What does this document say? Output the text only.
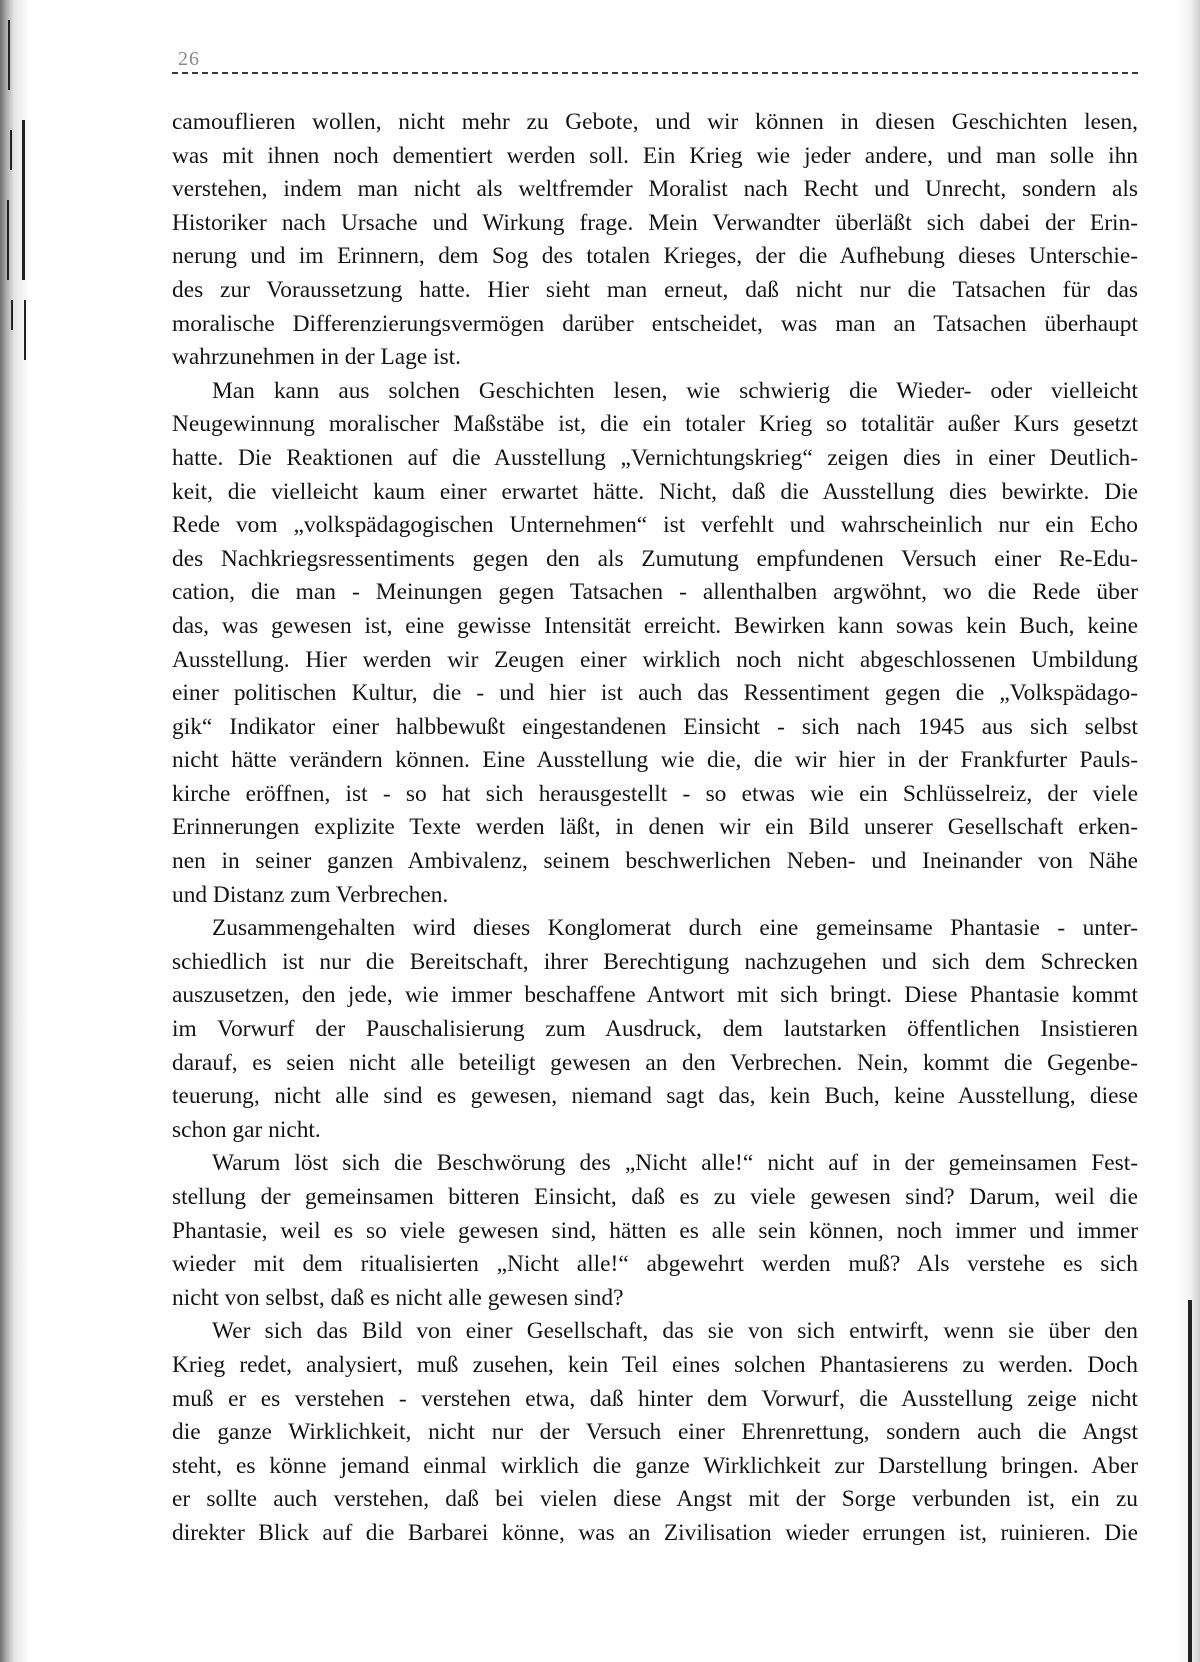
26
camouflieren wollen, nicht mehr zu Gebote, und wir können in diesen Geschichten lesen,
was mit ihnen noch dementiert werden soll. Ein Krieg wie jeder andere, und man solle ihn
verstehen, indem man nicht als weltfremder Moralist nach Recht und Unrecht, sondern als
Historiker nach Ursache und Wirkung frage. Mein Verwandter überläßt sich dabei der Erin-
nerung und im Erinnern, dem Sog des totalen Krieges, der die Aufhebung dieses Unterschie-
des zur Voraussetzung hatte. Hier sieht man erneut, daß nicht nur die Tatsachen für das
moralische Differenzierungsvermögen darüber entscheidet, was man an Tatsachen überhaupt
wahrzunehmen in der Lage ist.
Man kann aus solchen Geschichten lesen, wie schwierig die Wieder- oder vielleicht
Neugewinnung moralischer Maßstäbe ist, die ein totaler Krieg so totalitär außer Kurs gesetzt
hatte. Die Reaktionen auf die Ausstellung „Vernichtungskrieg“ zeigen dies in einer Deutlich-
keit, die vielleicht kaum einer erwartet hätte. Nicht, daß die Ausstellung dies bewirkte. Die
Rede vom „volkspädagogischen Unternehmen“ ist verfehlt und wahrscheinlich nur ein Echo
des Nachkriegsressentiments gegen den als Zumutung empfundenen Versuch einer Re-Edu-
cation, die man - Meinungen gegen Tatsachen - allenthalben argwöhnt, wo die Rede über
das, was gewesen ist, eine gewisse Intensität erreicht. Bewirken kann sowas kein Buch, keine
Ausstellung. Hier werden wir Zeugen einer wirklich noch nicht abgeschlossenen Umbildung
einer politischen Kultur, die - und hier ist auch das Ressentiment gegen die „Volkspädago-
gik“ Indikator einer halbbewußt eingestandenen Einsicht - sich nach 1945 aus sich selbst
nicht hätte verändern können. Eine Ausstellung wie die, die wir hier in der Frankfurter Pauls-
kirche eröffnen, ist - so hat sich herausgestellt - so etwas wie ein Schlüsselreiz, der viele
Erinnerungen explizite Texte werden läßt, in denen wir ein Bild unserer Gesellschaft erken-
nen in seiner ganzen Ambivalenz, seinem beschwerlichen Neben- und Ineinander von Nähe
und Distanz zum Verbrechen.
Zusammengehalten wird dieses Konglomerat durch eine gemeinsame Phantasie - unter-
schiedlich ist nur die Bereitschaft, ihrer Berechtigung nachzugehen und sich dem Schrecken
auszusetzen, den jede, wie immer beschaffene Antwort mit sich bringt. Diese Phantasie kommt
im Vorwurf der Pauschalisierung zum Ausdruck, dem lautstarken öffentlichen Insistieren
darauf, es seien nicht alle beteiligt gewesen an den Verbrechen. Nein, kommt die Gegenbe-
teuerung, nicht alle sind es gewesen, niemand sagt das, kein Buch, keine Ausstellung, diese
schon gar nicht.
Warum löst sich die Beschwörung des „Nicht alle!“ nicht auf in der gemeinsamen Fest-
stellung der gemeinsamen bitteren Einsicht, daß es zu viele gewesen sind? Darum, weil die
Phantasie, weil es so viele gewesen sind, hätten es alle sein können, noch immer und immer
wieder mit dem ritualisierten „Nicht alle!“ abgewehrt werden muß? Als verstehe es sich
nicht von selbst, daß es nicht alle gewesen sind?
Wer sich das Bild von einer Gesellschaft, das sie von sich entwirft, wenn sie über den
Krieg redet, analysiert, muß zusehen, kein Teil eines solchen Phantasierens zu werden. Doch
muß er es verstehen - verstehen etwa, daß hinter dem Vorwurf, die Ausstellung zeige nicht
die ganze Wirklichkeit, nicht nur der Versuch einer Ehrenrettung, sondern auch die Angst
steht, es könne jemand einmal wirklich die ganze Wirklichkeit zur Darstellung bringen. Aber
er sollte auch verstehen, daß bei vielen diese Angst mit der Sorge verbunden ist, ein zu
direkter Blick auf die Barbarei könne, was an Zivilisation wieder errungen ist, ruinieren. Die
